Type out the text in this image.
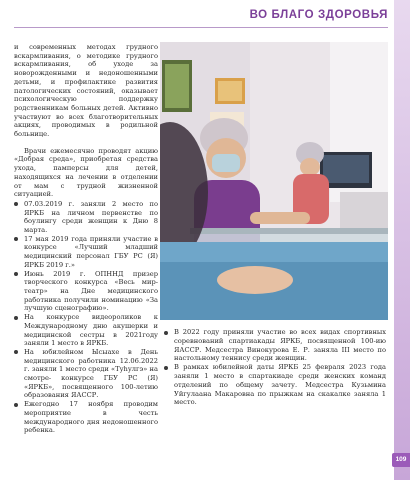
ВО БЛАГО ЗДОРОВЬЯ

и современных методах грудного вскармливания, о методике грудного вскармливания, об уходе за новорожденными и недоношенными детьми, и профилактике развития патологических состояний, оказывает психологическую поддержку родственникам больных детей. Активно участвуют во всех благотворительных акциях, проводимых в родильной больнице.

Врачи ежемесячно проводят акцию «Добрая среда», приобретая средства ухода, памперсы для детей, находящихся на лечении в отделении от мам с трудной жизненной ситуацией.

07.03.2019 г. заняли 2 место по ЯРКБ на личном первенстве по боулингу среди женщин к Дню 8 марта.
17 мая 2019 года приняли участие в конкурсе «Лучший младший медицинский персонал ГБУ РС (Я) ЯРКБ 2019 г.»
Июнь 2019 г. ОПННД призер творческого конкурса «Весь мир-театр» на Дне медицинского работника получили номинацию «За лучшую сценографию».
На конкурсе видеороликов к Международному дню акушерки и медицинской сестры в 2021году заняли 1 место в ЯРКБ.
На юбилейном Ысыахе в День медицинского работника 12.06.2022 г. заняли 1 место среди «Туһулгэ» на смотре- конкурсе ГБУ РС (Я) «ЯРКБ», посвященного 100-летию образования ЯАССР.
Ежегодно 17 ноября проводим мероприятие в честь международного дня недоношенного ребенка.
В 2022 году приняли участие во всех видах спортивных соревнований спартиакады ЯРКБ, посвященной 100-ию ЯАССР. Медсестра Винокурова Е. Р. заняла III место по настольному теннису среди женщин.
В рамках юбилейной даты ЯРКБ 25 февраля 2023 года заняли 1 место в спартакиаде среди женских команд отделений по общему зачету. Медсестра Кузьмина Уйгулаана Макаровна по прыжкам на скакалке заняла 1 место.
109
